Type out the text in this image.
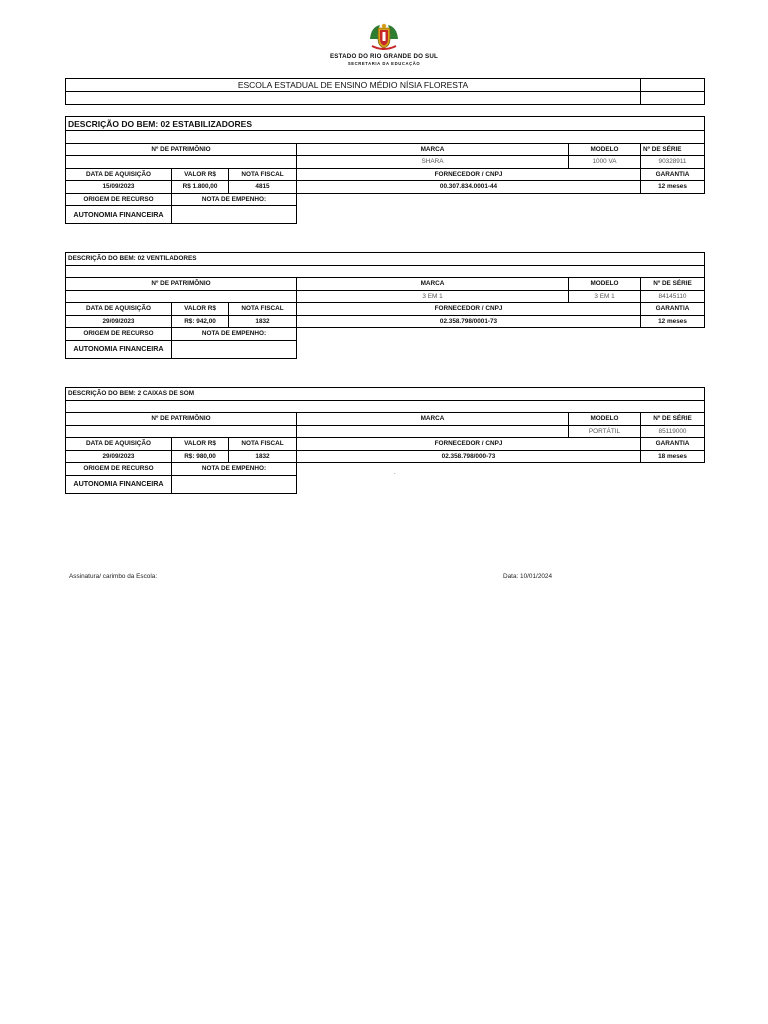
ESTADO DO RIO GRANDE DO SUL
SECRETARIA DA EDUCAÇÃO
ESCOLA ESTADUAL DE ENSINO MÉDIO NÍSIA FLORESTA	

DESCRIÇÃO DO BEM: 02 ESTABILIZADORES					

Nº DE PATRIMÔNIO			MARCA	MODELO	Nº DE SÉRIE
			SHARA	1000 VA	90328911
DATA DE AQUISIÇÃO	VALOR R$	NOTA FISCAL	FORNECEDOR / CNPJ		GARANTIA
15/09/2023	R$ 1.800,00	4815	00.307.834.0001-44		12 meses
ORIGEM DE RECURSO	NOTA DE EMPENHO:				
AUTONOMIA FINANCEIRA					
DESCRIÇÃO DO BEM: 02 VENTILADORES					

Nº DE PATRIMÔNIO			MARCA	MODELO	Nº DE SÉRIE
			3 EM 1	3 EM 1	84145110
DATA DE AQUISIÇÃO	VALOR R$	NOTA FISCAL	FORNECEDOR / CNPJ		GARANTIA
29/09/2023	R$: 942,00	1832	02.358.798/0001-73		12 meses
ORIGEM DE RECURSO	NOTA DE EMPENHO:				
AUTONOMIA FINANCEIRA					
DESCRIÇÃO DO BEM: 2 CAIXAS DE SOM					

Nº DE PATRIMÔNIO			MARCA	MODELO	Nº DE SÉRIE
				PORTÁTIL	85119000
DATA DE AQUISIÇÃO	VALOR R$	NOTA FISCAL	FORNECEDOR / CNPJ		GARANTIA
29/09/2023	R$: 980,00	1832	02.358.798/000-73		18 meses
ORIGEM DE RECURSO	NOTA DE EMPENHO:				
AUTONOMIA FINANCEIRA					
.
Assinatura/ carimbo da Escola:	Data: 10/01/2024
